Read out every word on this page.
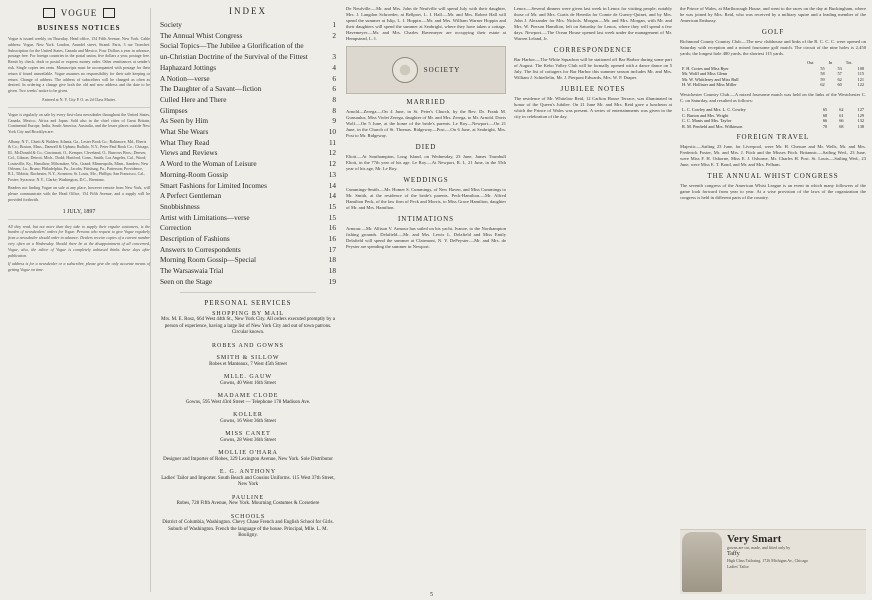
VOGUE
BUSINESS NOTICES
Vogue is issued weekly on Thursday. Head office, 154 Fifth Avenue, New York. Cable address: Vogue, New York. London, Arundel street, Strand. Paris, 3 rue Tronchet. Subscription for the United States, Canada and Mexico, Four Dollars a year in advance, postage free. For foreign countries in the postal union, five dollars a year, postage free. Remit by check, draft or postal or express money order. Other remittances at sender's risk. Single copies ten cents. Manuscripts must be accompanied with postage for their return if found unavailable. Vogue assumes no responsibility for their safe keeping or return. Change of address. The address of subscribers will be changed as often as desired. In ordering a change give both the old and new address and the date to be given. Two weeks' notice to be given.
Entered at N. Y. City P. O. as 2d Class Matter.
Vogue is regularly on sale by every first-class newsdealer throughout the United States, Canada, Mexico, Africa and Japan. Sold also in the chief cities of Great Britain, Continental Europe, India, South America, Australia, and the lesser places outside New York City and Brooklyn are:
Albany, N.Y., Cluett & Walden; Atlanta, Ga., Lester Book Co.; Baltimore, Md., Eberts & Co.; Boston, Mass., Damrell & Upham; Buffalo, N.Y., Peter Paul Book Co.; Chicago, Ill., McDonald & Co.; Cincinnati, O., Kemper; Cleveland, O., Burrows Bros.; Denver, Col., Gibson; Detroit, Mich., Dodd; Hartford, Conn., Smith; Los Angeles, Cal., Wood; Louisville, Ky., Hamilton; Milwaukee, Wis., Grand; Minneapolis, Minn., Sanders; New Orleans, La., Bruno; Philadelphia, Pa., Jacobs; Pittsburg, Pa., Patterson; Providence, R.I., Tibbitts; Rochester, N.Y., Scranton; St. Louis, Mo., Phillips; San Francisco, Cal., Foster; Syracuse, N.Y., Clarke; Washington, D.C., Brentano.
Readers not finding Vogue on sale at any place, however remote from New York, will please communicate with the Head Office, 154 Fifth Avenue, and a supply will be provided forthwith.
1 JULY, 1897
All they read, but not more than they take to supply their regular customers, is the burden of newsdealers' orders for Vogue. Persons who request to give Vogue regularly from a newsdealer should order in advance. Dealers receive copies of a current number very often on a Wednesday. Should there be at the disappointment of all concerned, Vogue, also, the editor of Vogue is completely unbiased thinks these days after publication.
If address is for a newsdealer or a subscriber, please give the only accurate means of getting Vogue on time.
INDEX
Society	1
The Annual Whist Congress	2
Social Topics—The Jubilee a Glorification of the
un-Christian Doctrine of the Survival of the Fittest	3
Haphazard Jottings	4
A Notion—verse	6
The Daughter of a Savant—fiction	6
Culled Here and There	8
Glimpses	8
As Seen by Him	9
What She Wears	10
What They Read	11
Views and Reviews	12
A Word to the Woman of Leisure	12
Morning-Room Gossip	13
Smart Fashions for Limited Incomes	14
A Perfect Gentleman	14
Snobbishness	15
Artist with Limitations—verse	15
Correction	16
Description of Fashions	16
Answers to Correspondents	17
Morning Room Gossip—Special	18
The Warsaswaia Trial	18
Seen on the Stage	19
PERSONAL SERVICES
SHOPPING BY MAIL
Mrs. M. E. Rosz, 664 West 44th St., New York City. All orders executed promptly by a person of experience, having a large list of New York City and out of town patrons. Circular known.
ROBES AND GOWNS
SMITH & SILLOW
Robes et Manteaux, 7 West 45th Street
MLLE. GAUW
Gowns, 40 West 16th Street
MADAME CLODE
Gowns, 595 West 43rd Street — Telephone 178 Madison Ave.
KOLLER
Gowns, 16 West 36th Street
MISS CANET
Gowns, 28 West 36th Street
MOLLIE O'HARA
Designer and Importer of Robes, 329 Lexington Avenue, New York. Sole Distributor
E. G. ANTHONY
Ladies' Tailor and Importer. South Beach and Cousins Uniforms. 115 West 37th Street, New York
PAULINE
Robes, 728 Fifth Avenue, New York. Mourning Costumes & Corsetiere
SCHOOLS
District of Columbia, Washington. Chevy Chase French and English School for Girls. Suburb of Washington. French the language of the house. Principal, Mlle. L. M. Bouligny.

De Neufville.—Mr. and Mrs. John de Neufville will spend July with their daughter, Mrs. J. Langdon Schroeder, at Bellport, L. I. Hall.—Mr. and Mrs. Robert Hall will spend the summer at Islip, L. I. Hoppin.—Mr. and Mrs. William Warner Hoppin and their daughters will spend the summer at Seabright, where they have taken a cottage. Havemeyer.—Mr. and Mrs. Charles Havemeyer are occupying their estate at Hempstead, L. I.

SOCIETY
MARRIED

Arnold—Zerega.—On 4 June, in St. Peter's Church, by the Rev. Dr. Frank M. Gunsaulus, Miss Violet Zerega, daughter of Mr. and Mrs. Zerega, to Mr. Arnold. Davis Wolf.—On 5 June, at the home of the bride's parents. Le Roy—Newport.—On 21 June, in the Church of St. Thomas. Ridgeway—Post.—On 6 June, at Seabright, Mrs. Post to Mr. Ridgeway.

DIED

Eliott.—At Southampton, Long Island, on Wednesday, 23 June, James Trumbull Eliott, in the 77th year of his age. Le Roy.—At Newport, R. I., 21 June, in the 55th year of his age, Mr. Le Roy.

WEDDINGS

Cummings-Smith.—Mr. Homer S. Cummings, of New Haven, and Miss Cummings to Mr. Smith, at the residence of the bride's parents. Peck-Hamilton.—Mr. Alfred Hamilton Peck, of the law firm of Peck and Morris, to Miss Grace Hamilton, daughter of Mr. and Mrs. Hamilton.

INTIMATIONS

Armour.—Mr. Allison V. Armour has sailed on his yacht, Ivanoe, to the Northampton fishing grounds. Delafield.—Mr. and Mrs. Lewis L. Delafield and Miss Emily Delafield will spend the summer at Clairmont, N. Y. DePeyster.—Mr. and Mrs. de Peyster are spending the summer in Newport.

Lenox.—Several dinners were given last week in Lenox for visiting people, notably those of Mr. and Mrs. Curtis de Heredia for Comte de Guerry-Quinet, and by Mrs. John J. Alexander for Mrs. Nichols. Morgan.—Mr. and Mrs. Morgan, with Mr. and Mrs. W. Pierson Hamilton, left on Saturday for Lenox, where they will spend a few days. Newport.—The Ocean House opened last week under the management of Mr. Warren Leland, Jr.

CORRESPONDENCE

Bar Harbor.—The White Squadron will be stationed off Bar Harbor during some part of August. The Kebo Valley Club will be formally opened with a dance dance on 5 July. The list of cottagers for Bar Harbor this summer season includes Mr. and Mrs. William J. Schieffelin, Mr. J. Pierpont Edwards, Mrs. W. P. Draper.

JUBILEE NOTES

The residence of Mr. Whitelaw Reid, 12 Carlton House Terrace, was illuminated in honor of the Queen's Jubilee. On 21 June Mr. and Mrs. Reid gave a luncheon at which the Prince of Wales was present. A series of entertainments was given in the city in celebration of the day.

the Prince of Wales, at Marlborough House, and went to the races on the day at Buckingham, where he was joined by Mrs. Reid, who was received by a military squire and a leading member of the American Embassy.

GOLF

Richmond County Country Club.—The new clubhouse and links of the R. C. C. C. were opened on Saturday with reception and a mixed foursome golf match. The circuit of the nine holes is 2,450 yards; the longest hole 480 yards, the shortest 115 yards.

	Out	In	Tot.
F. H. Cortes and Miss Ryer	55	53	108
Mr. Wolff and Miss Glenn	58	57	115
Mr. W. Whittlesey and Miss Bull	59	62	121
H. W. Hollister and Miss Miller	62	60	122

Westchester Country Club.—A mixed foursome match was held on the links of the Westchester C. C. on Saturday, and resulted as follows:

L. C. Cowley and Mrs. L. C. Cowley	65	62	127
C. Burton and Mrs. Wright	68	61	129
C. C. Manis and Mrs. Taylor	66	66	132
R. M. Penfield and Mrs. Wilkinson	70	68	138
FOREIGN TRAVEL

Majestic.—Sailing 23 June, for Liverpool, were Mr. H. Chesure and Mr. Wells, Mr. and Mrs. Frederick Foster, Mr. and Mrs. J. Fitch and the Misses Fitch. Britannic.—Sailing Wed., 23 June, were Miss F. H. Osborne, Miss E. J. Osborne, Mr. Charles H. Post. St. Louis.—Sailing Wed., 23 June, were Miss E. T. Bond, and Mr. and Mrs. Pelham.

THE ANNUAL WHIST CONGRESS

The seventh congress of the American Whist League is an event in which many followers of the game look forward from year to year. At a wise provision of the laws of the organization the congress is held in different parts of the country.

Very Smart
gowns are cut, made, and fitted only by
Taffy
High Class Tailoring. 1726 Michigan Av., Chicago
Ladies' Tailor
5
